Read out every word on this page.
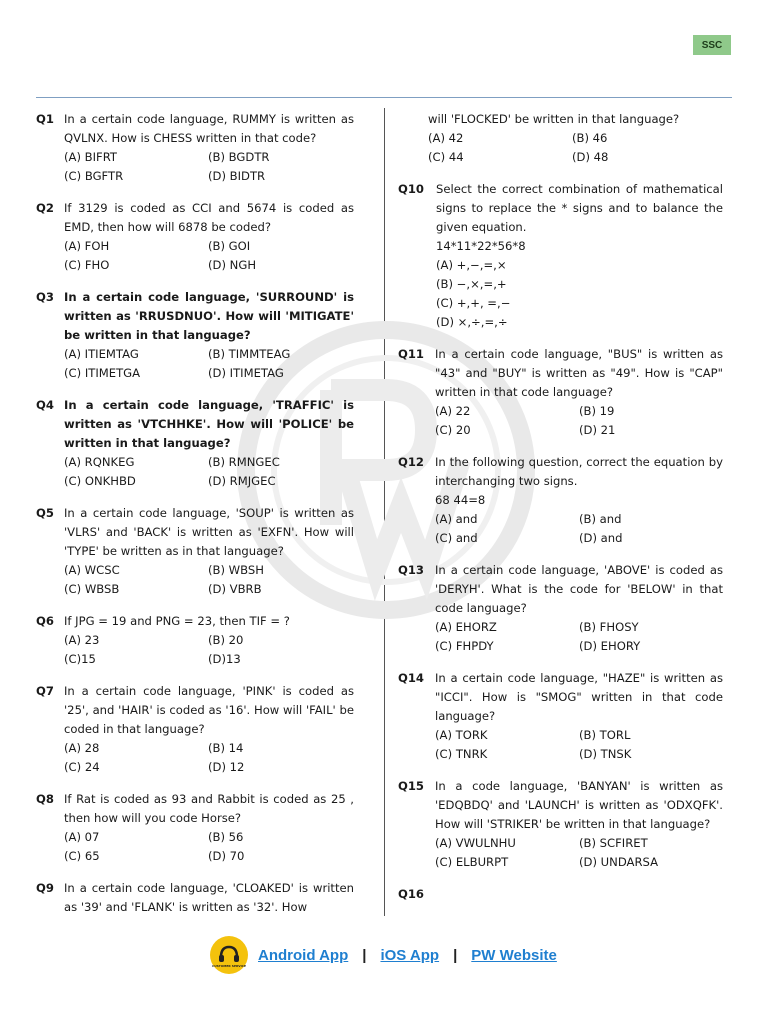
SSC
Q1 In a certain code language, RUMMY is written as QVLNX. How is CHESS written in that code?
(A) BIFRT	(B) BGDTR
(C) BGFTR	(D) BIDTR
Q2 If 3129 is coded as CCI and 5674 is coded as EMD, then how will 6878 be coded?
(A) FOH	(B) GOI
(C) FHO	(D) NGH
Q3 In a certain code language, 'SURROUND' is written as 'RRUSDNUO'. How will 'MITIGATE' be written in that language?
(A) ITIEMTAG	(B) TIMMTEAG
(C) ITIMETGA	(D) ITIMETAG
Q4 In a certain code language, 'TRAFFIC' is written as 'VTCHHKE'. How will 'POLICE' be written in that language?
(A) RQNKEG	(B) RMNGEC
(C) ONKHBD	(D) RMJGEC
Q5 In a certain code language, 'SOUP' is written as 'VLRS' and 'BACK' is written as 'EXFN'. How will 'TYPE' be written as in that language?
(A) WCSC	(B) WBSH
(C) WBSB	(D) VBRB
Q6 If JPG = 19 and PNG = 23, then TIF = ?
(A) 23	(B) 20
(C)15	(D)13
Q7 In a certain code language, 'PINK' is coded as '25', and 'HAIR' is coded as '16'. How will 'FAIL' be coded in that language?
(A) 28	(B) 14
(C) 24	(D) 12
Q8 If Rat is coded as 93 and Rabbit is coded as 25 , then how will you code Horse?
(A) 07	(B) 56
(C) 65	(D) 70
Q9 In a certain code language, 'CLOAKED' is written as '39' and 'FLANK' is written as '32'. How
will 'FLOCKED' be written in that language?
(A) 42	(B) 46
(C) 44	(D) 48
Q10	Select the correct combination of mathematical signs to replace the * signs and to balance the given equation.
14*11*22*56*8
(A) +,−,=,×
(B) −,×,=,+
(C) +,+, =,−
(D) ×,÷,=,÷
Q11 In a certain code language, "BUS" is written as "43" and "BUY" is written as "49". How is "CAP" written in that code language?
(A) 22	(B) 19
(C) 20	(D) 21
Q12 In the following question, correct the equation by interchanging two signs.
68 44=8
(A) and	(B) and
(C) and	(D) and
Q13 In a certain code language, 'ABOVE' is coded as 'DERYH'. What is the code for 'BELOW' in that code language?
(A) EHORZ	(B) FHOSY
(C) FHPDY	(D) EHORY
Q14 In a certain code language, "HAZE" is written as "ICCI". How is "SMOG" written in that code language?
(A) TORK	(B) TORL
(C) TNRK	(D) TNSK
Q15 In a code language, 'BANYAN' is written as 'EDQBDQ' and 'LAUNCH' is written as 'ODXQFK'. How will 'STRIKER' be written in that language?
(A) VWULNHU	(B) SCFIRET
(C) ELBURPT	(D) UNDARSA
Q16
CUSTOMER SERVICE
Android App | iOS App | PW Website
